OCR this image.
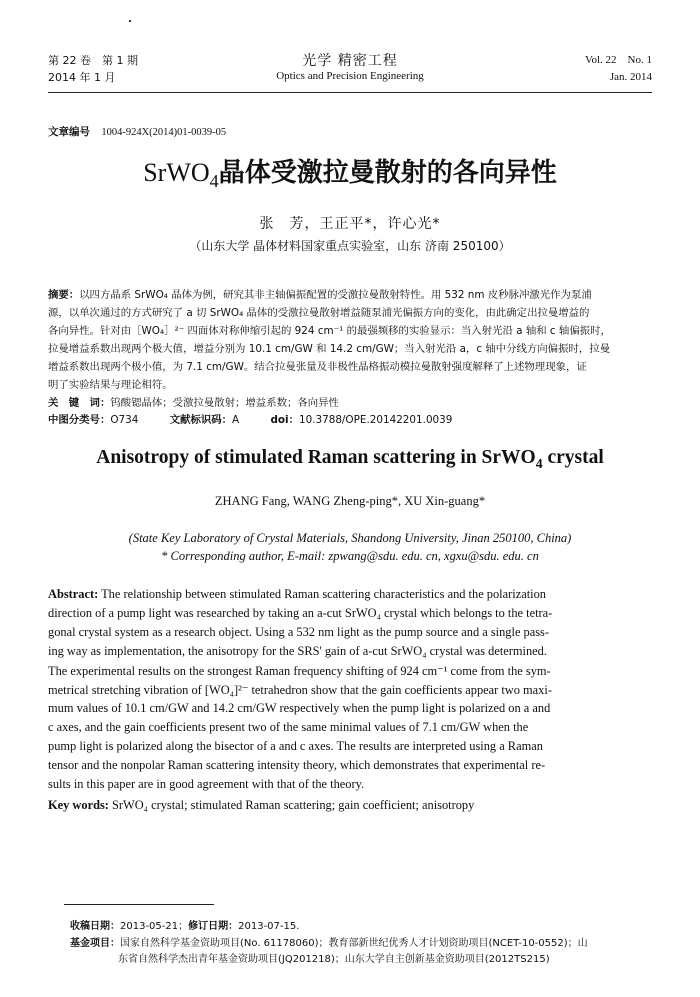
第 22 卷　第 1 期
2014 年 1 月
光学 精密工程
Optics and Precision Engineering
Vol. 22　No. 1
Jan. 2014
文章编号 1004-924X(2014)01-0039-05
SrWO$_4$晶体受激拉曼散射的各向异性
张　芳，王正平*，许心光*
（山东大学 晶体材料国家重点实验室，山东 济南 250100）
摘要：以四方晶系 SrWO₄ 晶体为例，研究其非主轴偏振配置的受激拉曼散射特性。用 532 nm 皮秒脉冲激光作为泵浦
源，以单次通过的方式研究了 a 切 SrWO₄ 晶体的受激拉曼散射增益随泵浦光偏振方向的变化，由此确定出拉曼增益的
各向异性。针对由［WO₄］²⁻ 四面体对称伸缩引起的 924 cm⁻¹ 的最强频移的实验显示：当入射光沿 a 轴和 c 轴偏振时，
拉曼增益系数出现两个极大值，增益分别为 10.1 cm/GW 和 14.2 cm/GW；当入射光沿 a，c 轴中分线方向偏振时，拉曼
增益系数出现两个极小值，为 7.1 cm/GW。结合拉曼张量及非极性晶格振动模拉曼散射强度解释了上述物理现象，证
明了实验结果与理论相符。
关　键　词：钨酸锶晶体；受激拉曼散射；增益系数；各向异性
中图分类号：O734	文献标识码：A	doi：10.3788/OPE.20142201.0039
Anisotropy of stimulated Raman scattering in SrWO$_4$ crystal
ZHANG Fang, WANG Zheng-ping*, XU Xin-guang*
(State Key Laboratory of Crystal Materials, Shandong University, Jinan 250100, China)
* Corresponding author, E-mail: zpwang@sdu. edu. cn, xgxu@sdu. edu. cn
Abstract: The relationship between stimulated Raman scattering characteristics and the polarization
direction of a pump light was researched by taking an a-cut SrWO₄ crystal which belongs to the tetra-
gonal crystal system as a research object. Using a 532 nm light as the pump source and a single pass-
ing way as implementation, the anisotropy for the SRS' gain of a-cut SrWO₄ crystal was determined.
The experimental results on the strongest Raman frequency shifting of 924 cm⁻¹ come from the sym-
metrical stretching vibration of [WO₄]²⁻ tetrahedron show that the gain coefficients appear two maxi-
mum values of 10.1 cm/GW and 14.2 cm/GW respectively when the pump light is polarized on a and
c axes, and the gain coefficients present two of the same minimal values of 7.1 cm/GW when the
pump light is polarized along the bisector of a and c axes. The results are interpreted using a Raman
tensor and the nonpolar Raman scattering intensity theory, which demonstrates that experimental re-
sults in this paper are in good agreement with that of the theory.
Key words: SrWO₄ crystal; stimulated Raman scattering; gain coefficient; anisotropy
收稿日期：2013-05-21；修订日期：2013-07-15.
基金项目：国家自然科学基金资助项目(No. 61178060)；教育部新世纪优秀人才计划资助项目(NCET-10-0552)；山
东省自然科学杰出青年基金资助项目(JQ201218)；山东大学自主创新基金资助项目(2012TS215)
